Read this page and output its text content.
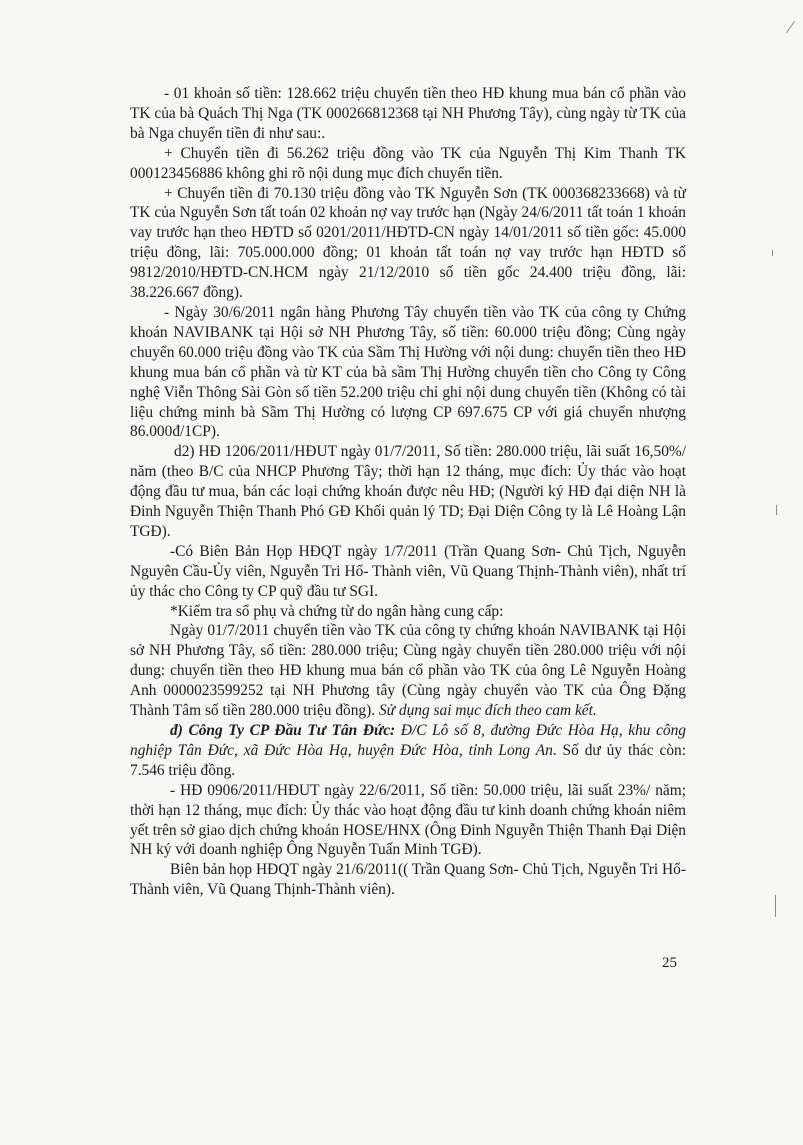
- 01 khoản số tiền: 128.662 triệu chuyển tiền theo HĐ khung mua bán cổ phần vào TK của bà Quách Thị Nga (TK 000266812368 tại NH Phương Tây), cùng ngày từ TK của bà Nga chuyển tiền đi như sau:.

+ Chuyển tiền đi 56.262 triệu đồng vào TK của Nguyễn Thị Kim Thanh TK 000123456886 không ghi rõ nội dung mục đích chuyển tiền.

+ Chuyển tiền đi 70.130 triệu đồng vào TK Nguyễn Sơn (TK 000368233668) và từ TK của Nguyễn Sơn tất toán 02 khoản nợ vay trước hạn (Ngày 24/6/2011 tất toán 1 khoản vay trước hạn theo HĐTD số 0201/2011/HĐTD-CN ngày 14/01/2011 số tiền gốc: 45.000 triệu đồng, lãi: 705.000.000 đồng; 01 khoản tất toán nợ vay trước hạn HĐTD số 9812/2010/HĐTD-CN.HCM ngày 21/12/2010 số tiền gốc 24.400 triệu đồng, lãi: 38.226.667 đồng).

- Ngày 30/6/2011 ngân hàng Phương Tây chuyển tiền vào TK của công ty Chứng khoán NAVIBANK tại Hội sở NH Phương Tây, số tiền: 60.000 triệu đồng; Cùng ngày chuyển 60.000 triệu đồng vào TK của Sầm Thị Hường với nội dung: chuyển tiền theo HĐ khung mua bán cổ phần và từ KT của bà sầm Thị Hường chuyển tiền cho Công ty Công nghệ Viễn Thông Sài Gòn số tiền 52.200 triệu chỉ ghi nội dung chuyển tiền (Không có tài liệu chứng minh bà Sầm Thị Hường có lượng CP 697.675 CP với giá chuyển nhượng 86.000đ/1CP).

d2) HĐ 1206/2011/HĐUT ngày 01/7/2011, Số tiền: 280.000 triệu, lãi suất 16,50%/ năm (theo B/C của NHCP Phương Tây; thời hạn 12 tháng, mục đích: Ủy thác vào hoạt động đầu tư mua, bán các loại chứng khoán được nêu HĐ; (Người ký HĐ đại diện NH là Đinh Nguyễn Thiện Thanh Phó GĐ Khối quản lý TD; Đại Diện Công ty là Lê Hoàng Lận TGĐ).

-Có Biên Bản Họp HĐQT ngày 1/7/2011 (Trần Quang Sơn- Chủ Tịch, Nguyễn Nguyên Cầu-Ủy viên, Nguyễn Tri Hổ- Thành viên, Vũ Quang Thịnh-Thành viên), nhất trí ủy thác cho Công ty CP quỹ đầu tư SGI.

*Kiểm tra sổ phụ và chứng từ do ngân hàng cung cấp:

Ngày 01/7/2011 chuyển tiền vào TK của công ty chứng khoán NAVIBANK tại Hội sở NH Phương Tây, số tiền: 280.000 triệu; Cùng ngày chuyển tiền 280.000 triệu với nội dung: chuyển tiền theo HĐ khung mua bán cổ phần vào TK của ông Lê Nguyễn Hoàng Anh 0000023599252 tại NH Phương tây (Cùng ngày chuyển vào TK của Ông Đặng Thành Tâm số tiền 280.000 triệu đồng). Sử dụng sai mục đích theo cam kết.

đ) Công Ty CP Đầu Tư Tân Đức: Đ/C Lô số 8, đường Đức Hòa Hạ, khu công nghiệp Tân Đức, xã Đức Hòa Hạ, huyện Đức Hòa, tỉnh Long An. Số dư ủy thác còn: 7.546 triệu đồng.

- HĐ 0906/2011/HĐUT ngày 22/6/2011, Số tiền: 50.000 triệu, lãi suất 23%/ năm; thời hạn 12 tháng, mục đích: Ủy thác vào hoạt động đầu tư kinh doanh chứng khoán niêm yết trên sở giao dịch chứng khoán HOSE/HNX (Ông Đinh Nguyễn Thiện Thanh Đại Diện NH ký với doanh nghiệp Ông Nguyễn Tuấn Minh TGĐ).

Biên bản họp HĐQT ngày 21/6/2011(( Trần Quang Sơn- Chủ Tịch, Nguyễn Tri Hổ- Thành viên, Vũ Quang Thịnh-Thành viên).

25
